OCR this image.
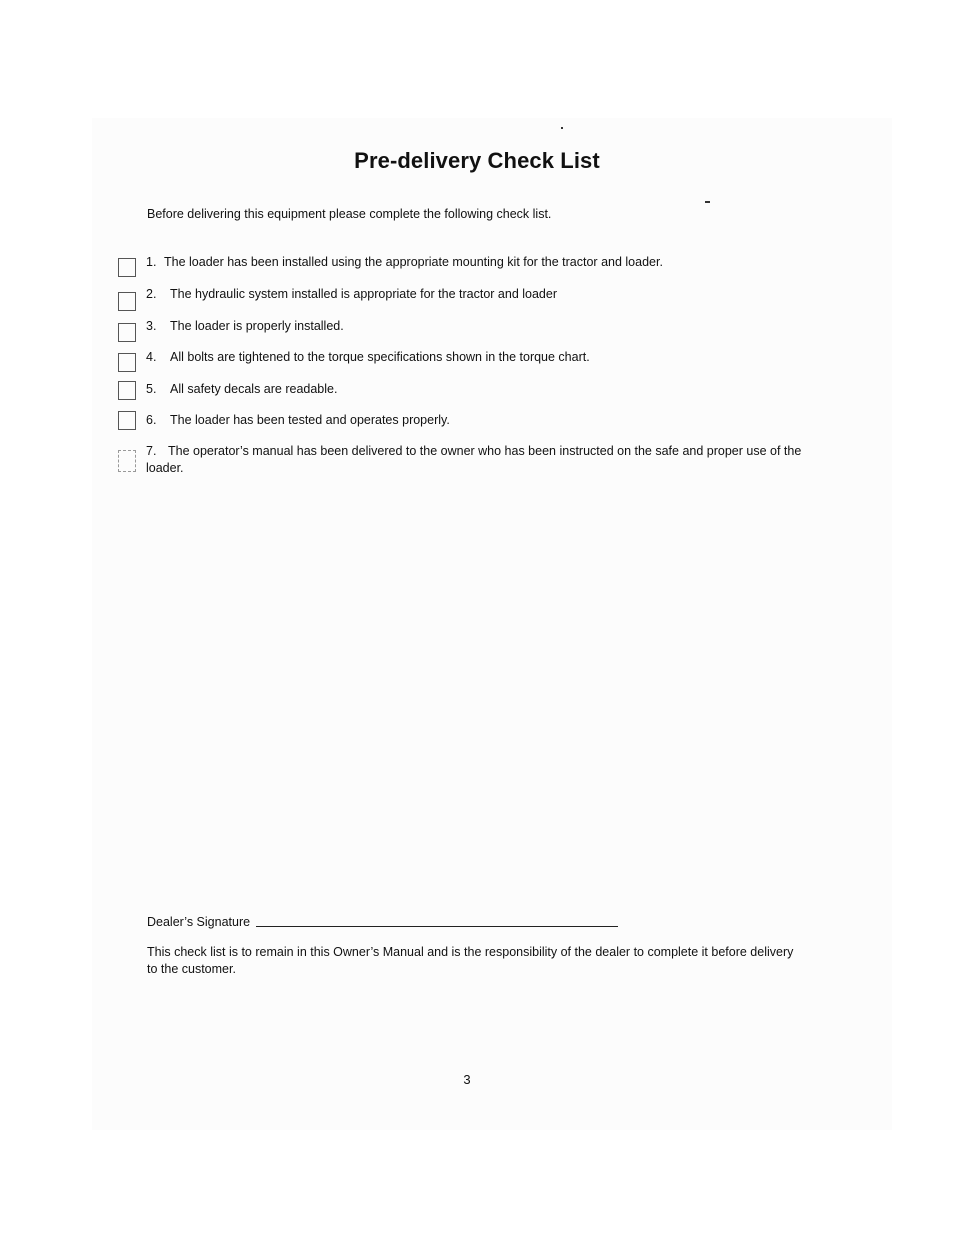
Pre-delivery Check List
Before delivering this equipment please complete the following check list.
1. The loader has been installed using the appropriate mounting kit for the tractor and loader.
2. The hydraulic system installed is appropriate for the tractor and loader
3. The loader is properly installed.
4. All bolts are tightened to the torque specifications shown in the torque chart.
5. All safety decals are readable.
6. The loader has been tested and operates properly.
7. The operator’s manual has been delivered to the owner who has been instructed on the safe and proper use of the loader.
Dealer’s Signature
This check list is to remain in this Owner’s Manual and is the responsibility of the dealer to complete it before delivery to the customer.
3
